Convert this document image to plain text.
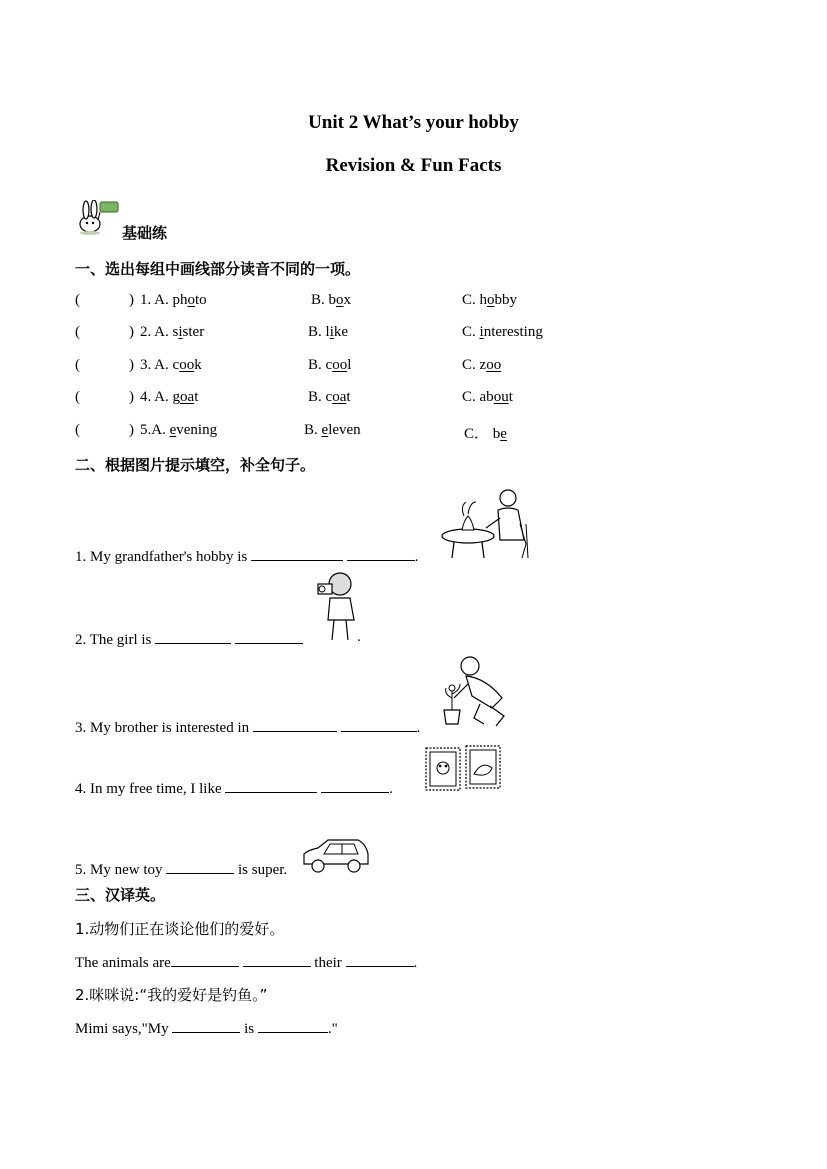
Unit 2 What’s your hobby
Revision & Fun Facts
基础练
一、选出每组中画线部分读音不同的一项。
(	) 1. A. photo	B. box	C. hobby
(	) 2. A. sister	B. like	C. interesting
(	) 3. A. cook	B. cool	C. zoo
(	) 4. A. goat	B. coat	C. about
(	) 5.A. evening	B. eleven	C． be
二、根据图片提示填空，补全句子。
1. My grandfather's hobby is	.
2. The girl is	.
3. My brother is interested in	.
4. In my free time, I like	.
5. My new toy	is super.
三、汉译英。
1.动物们正在谈论他们的爱好。
The animals are	their	.
2.咪咪说:“我的爱好是钓鱼。”
Mimi says,"My	is	."
